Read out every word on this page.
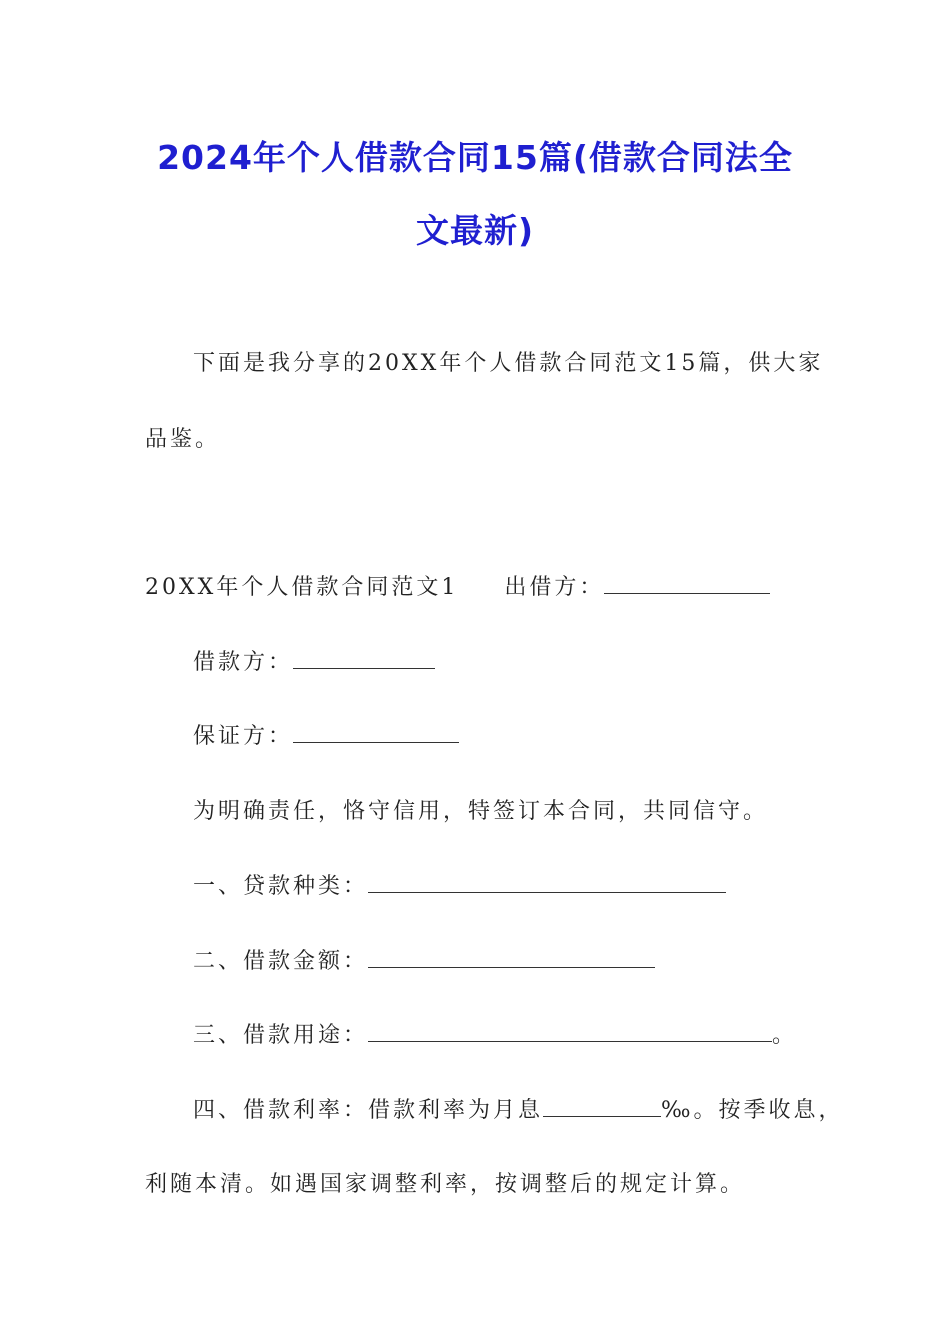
2024年个人借款合同15篇(借款合同法全
文最新)
下面是我分享的20XX年个人借款合同范文15篇，供大家
品鉴。
20XX年个人借款合同范文1 出借方：
借款方：
保证方：
为明确责任，恪守信用，特签订本合同，共同信守。
一、贷款种类：
二、借款金额：
三、借款用途：	。
四、借款利率：借款利率为月息	‰。按季收息，
利随本清。如遇国家调整利率，按调整后的规定计算。
